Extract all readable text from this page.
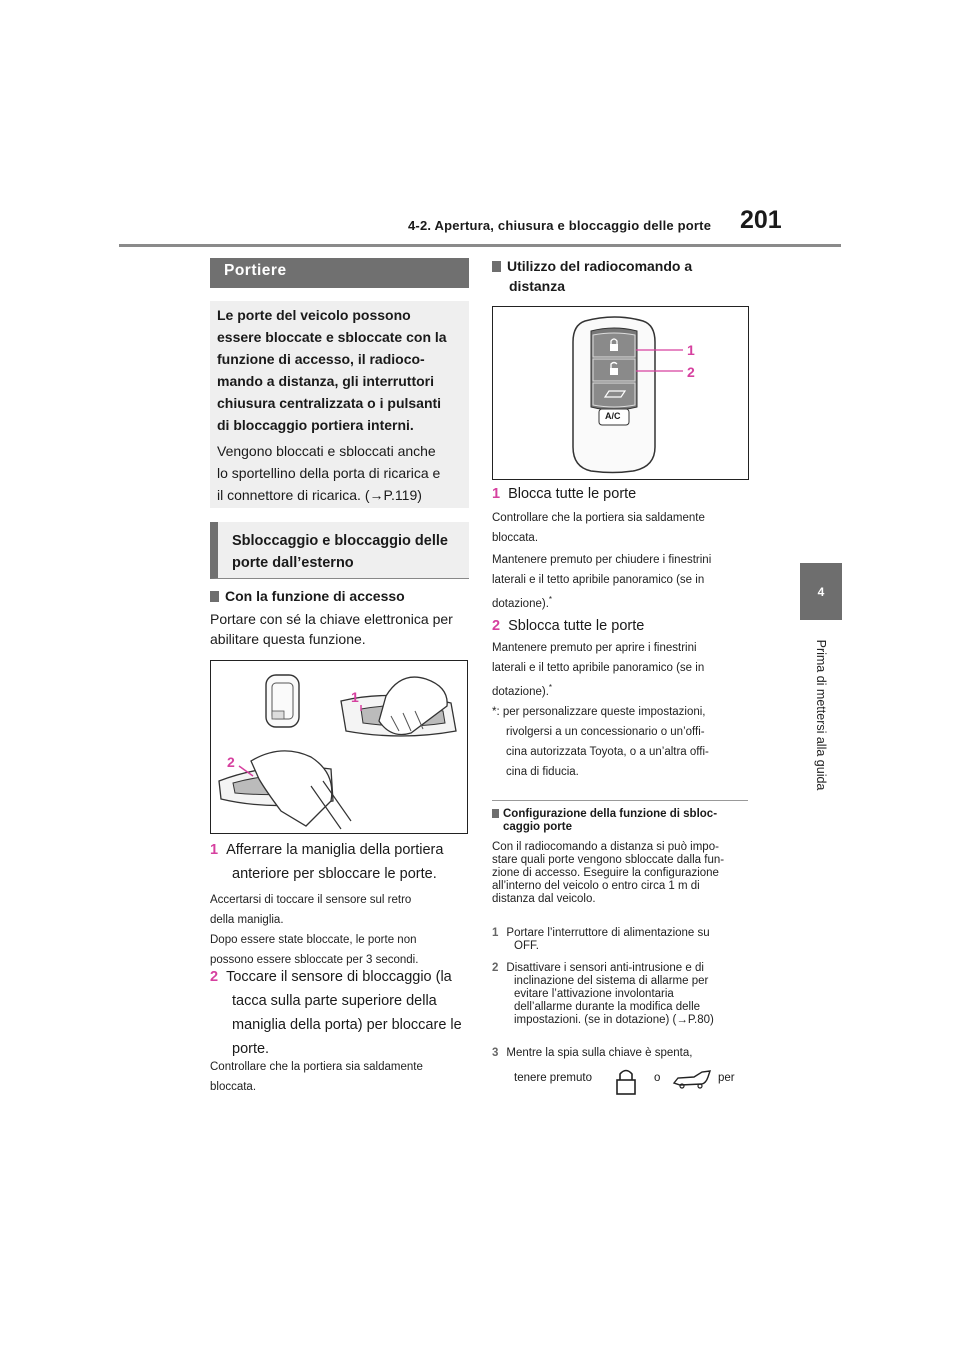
4-2. Apertura, chiusura e bloccaggio delle porte 201
4
Prima di mettersi alla guida
Portiere

Le porte del veicolo possono

essere bloccate e sbloccate con la

funzione di accesso, il radioco-

mando a distanza, gli interruttori

chiusura centralizzata o i pulsanti

di bloccaggio portiera interni.

Vengono bloccati e sbloccati anche

lo sportellino della porta di ricarica e

il connettore di ricarica. (→P.119)

Sbloccaggio e bloccaggio delle
porte dall’esterno
Con la funzione di accesso
Portare con sé la chiave elettronica per
abilitare questa funzione.
1
2
1 Afferrare la maniglia della portiera
anteriore per sbloccare le porte.
Accertarsi di toccare il sensore sul retro
della maniglia.
Dopo essere state bloccate, le porte non
possono essere sbloccate per 3 secondi.
2 Toccare il sensore di bloccaggio (la
tacca sulla parte superiore della
maniglia della porta) per bloccare le
porte.
Controllare che la portiera sia saldamente
bloccata.
Utilizzo del radiocomando a
distanza
A/C
1
2
1 Blocca tutte le porte
Controllare che la portiera sia saldamente
bloccata.
Mantenere premuto per chiudere i finestrini
laterali e il tetto apribile panoramico (se in
dotazione).*
2 Sblocca tutte le porte
Mantenere premuto per aprire i finestrini
laterali e il tetto apribile panoramico (se in
dotazione).*
*: per personalizzare queste impostazioni,
rivolgersi a un concessionario o un’offi-
cina autorizzata Toyota, o a un’altra offi-
cina di fiducia.
Configurazione della funzione di sbloc-
caggio porte
Con il radiocomando a distanza si può impo-
stare quali porte vengono sbloccate dalla fun-
zione di accesso. Eseguire la configurazione
all’interno del veicolo o entro circa 1 m di
distanza dal veicolo.
1 Portare l’interruttore di alimentazione su
OFF.
2 Disattivare i sensori anti-intrusione e di
inclinazione del sistema di allarme per
evitare l’attivazione involontaria
dell’allarme durante la modifica delle
impostazioni. (se in dotazione) (→P.80)
3 Mentre la spia sulla chiave è spenta,
tenere premuto	o	per
